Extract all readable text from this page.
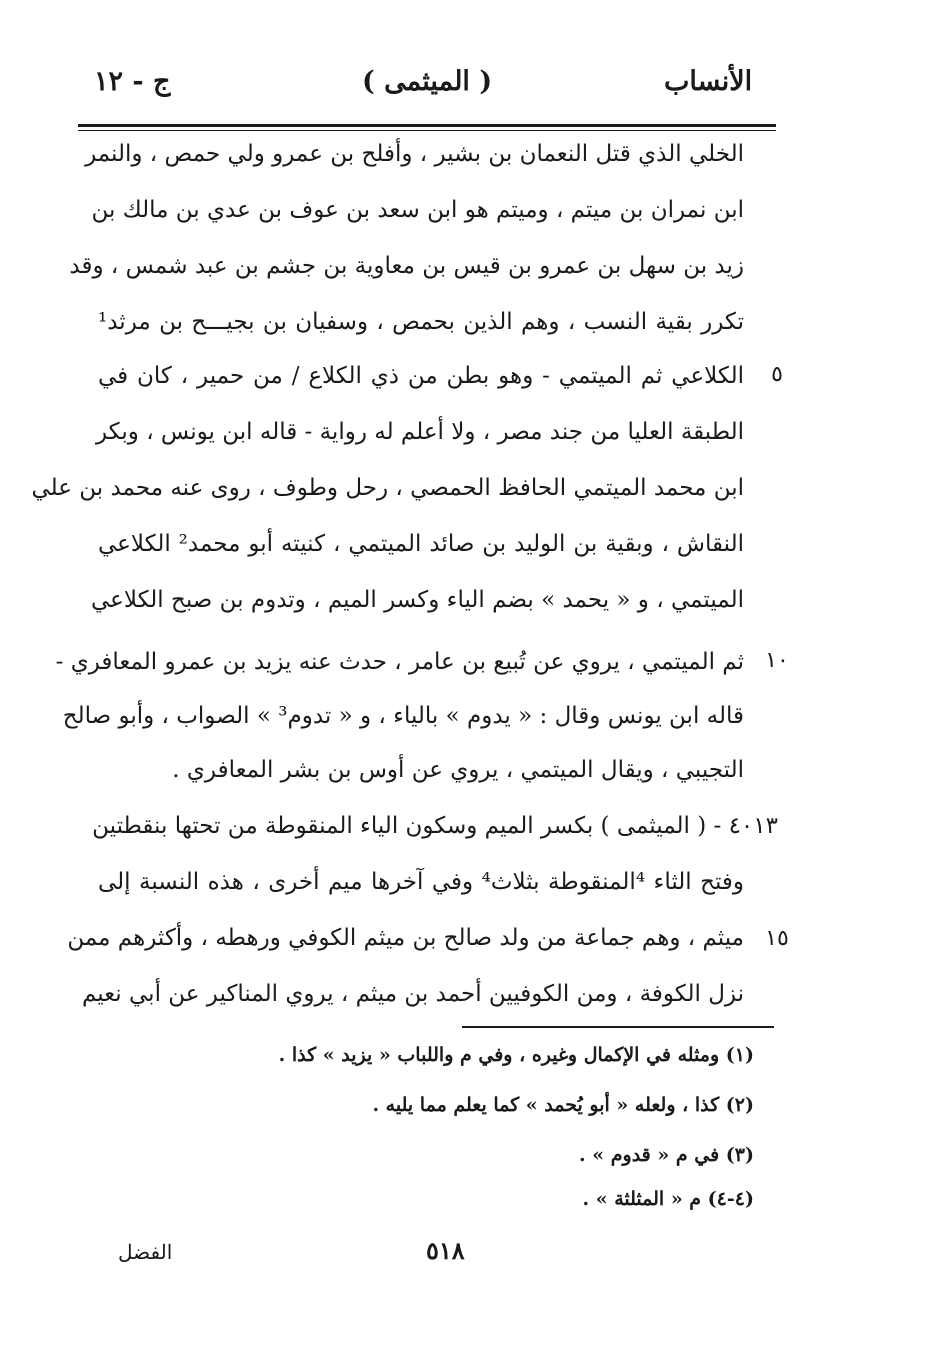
الأنساب
( الميثمى )
ج - ١٢
الخلي الذي قتل النعمان بن بشير ، وأفلح بن عمرو ولي حمص ، والنمر
ابن نمران بن ميتم ، وميتم هو ابن سعد بن عوف بن عدي بن مالك بن
زيد بن سهل بن عمرو بن قيس بن معاوية بن جشم بن عبد شمس ، وقد
تكرر بقية النسب ، وهم الذين بحمص ، وسفيان بن بجيـــح بن مرثد¹
٥
الكلاعي ثم الميتمي - وهو بطن من ذي الكلاع / من حمير ، كان في
الطبقة العليا من جند مصر ، ولا أعلم له رواية - قاله ابن يونس ، وبكر
ابن محمد الميتمي الحافظ الحمصي ، رحل وطوف ، روى عنه محمد بن علي
النقاش ، وبقية بن الوليد بن صائد الميتمي ، كنيته أبو محمد² الكلاعي
الميتمي ، و « يحمد » بضم الياء وكسر الميم ، وتدوم بن صبح الكلاعي
١٠
ثم الميتمي ، يروي عن تُبيع بن عامر ، حدث عنه يزيد بن عمرو المعافري -
قاله ابن يونس وقال : « يدوم » بالياء ، و « تدوم³ » الصواب ، وأبو صالح
التجيبي ، ويقال الميتمي ، يروي عن أوس بن بشر المعافري .
٤٠١٣ - ( الميثمى ) بكسر الميم وسكون الياء المنقوطة من تحتها بنقطتين
وفتح الثاء ⁴المنقوطة بثلاث⁴ وفي آخرها ميم أخرى ، هذه النسبة إلى
١٥
ميثم ، وهم جماعة من ولد صالح بن ميثم الكوفي ورهطه ، وأكثرهم ممن
نزل الكوفة ، ومن الكوفيين أحمد بن ميثم ، يروي المناكير عن أبي نعيم
(١) ومثله في الإكمال وغيره ، وفي م واللباب « يزيد » كذا .
(٢) كذا ، ولعله « أبو يُحمد » كما يعلم مما يليه .
(٣) في م « قدوم » .
(٤-٤) م « المثلثة » .
٥١٨
الفضل
